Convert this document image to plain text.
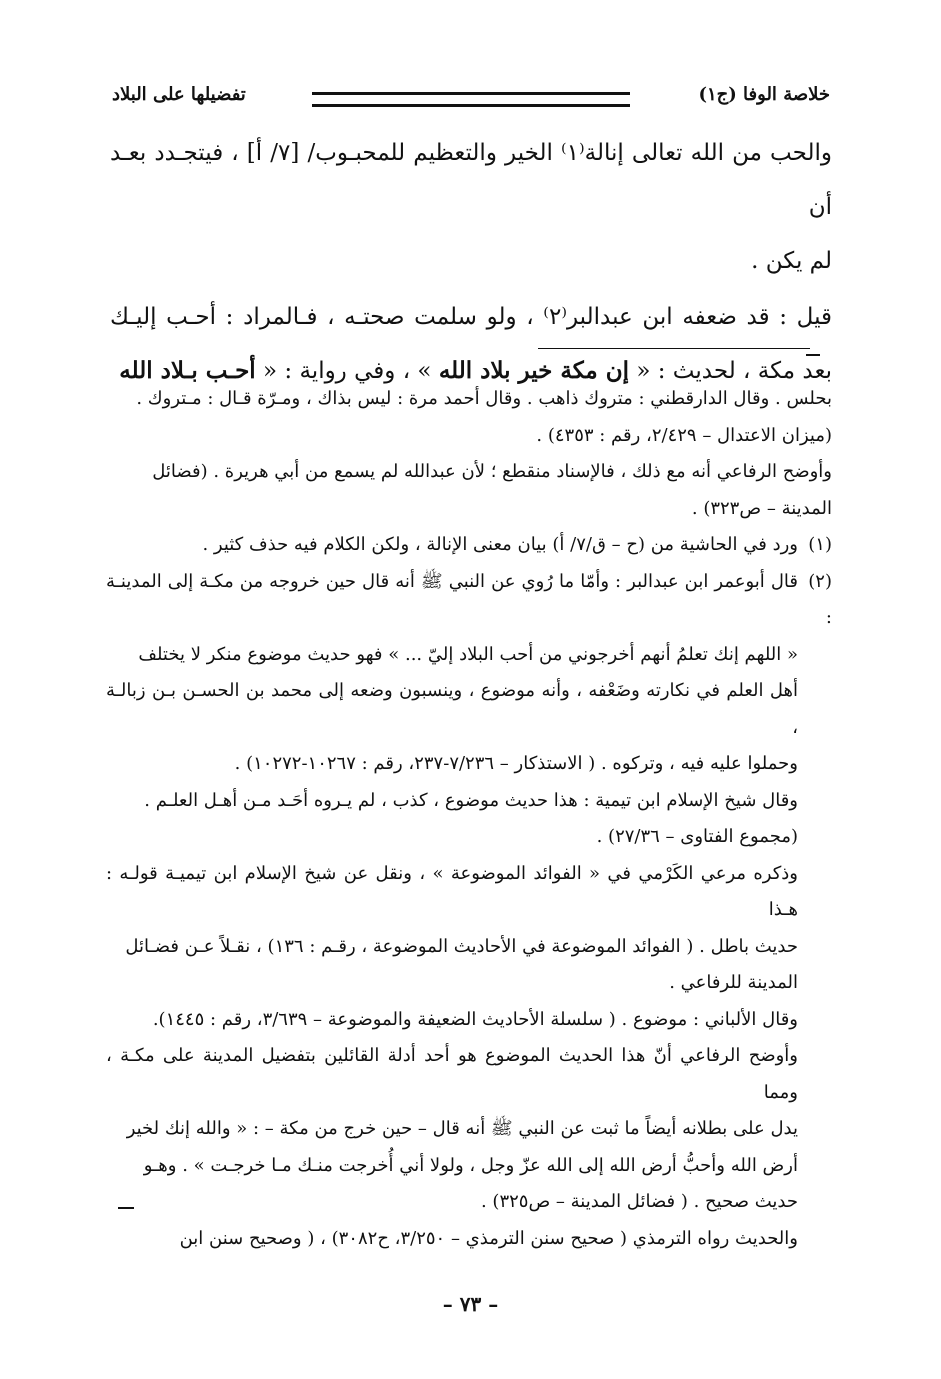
خلاصة الوفا (ج١)
تفضيلها على البلاد

والحب من الله تعالى إنالة⁽١⁾ الخير والتعظيم للمحبـوب/ [٧/ أ] ، فيتجـدد بعـد أن

لم يكن .

قيل : قد ضعفه ابن عبدالبر⁽٢⁾ ، ولو سلمت صحتـه ، فـالمراد : أحـب إليـك بعد مكة ، لحديث : « إن مكة خير بلاد الله » ، وفي رواية : « أحـب بـلاد الله

بحلس . وقال الدارقطني : متروك ذاهب . وقال أحمد مرة : ليس بذاك ، ومـرّة قـال : مـتروك .

(ميزان الاعتدال – ٢/٤٢٩، رقم : ٤٣٥٣) .

وأوضح الرفاعي أنه مع ذلك ، فالإسناد منقطع ؛ لأن عبدالله لم يسمع من أبي هريرة . (فضائل

المدينة – ص٣٢٣) .

(١)ورد في الحاشية من (ح – ق/٧/ أ) بيان معنى الإنالة ، ولكن الكلام فيه حذف كثير .

(٢)قال أبوعمر ابن عبدالبر : وأمّا ما رُوي عن النبي ﷺ أنه قال حين خروجه من مكـة إلى المدينـة :

« اللهم إنك تعلمُ أنهم أخرجوني من أحب البلاد إليّ ... » فهو حديث موضوع منكر لا يختلف

أهل العلم في نكارته وضَعْفه ، وأنه موضوع ، وينسبون وضعه إلى محمد بن الحسـن بـن زبالـة ،

وحملوا عليه فيه ، وتركوه . ( الاستذكار – ٧/٢٣٦-٢٣٧، رقم : ١٠٢٦٧-١٠٢٧٢) .

وقال شيخ الإسلام ابن تيمية : هذا حديث موضوع ، كذب ، لم يـروه أحَـد مـن أهـل العلـم .

(مجموع الفتاوى – ٢٧/٣٦) .

وذكره مرعي الكَرْمي في « الفوائد الموضوعة » ، ونقل عن شيخ الإسلام ابن تيميـة قولـه : هـذا

حديث باطل . ( الفوائد الموضوعة في الأحاديث الموضوعة ، رقـم : ١٣٦) ، نقـلاً عـن فضـائل

المدينة للرفاعي .

وقال الألباني : موضوع . ( سلسلة الأحاديث الضعيفة والموضوعة – ٣/٦٣٩، رقم : ١٤٤٥).

وأوضح الرفاعي أنّ هذا الحديث الموضوع هو أحد أدلة القائلين بتفضيل المدينة على مكـة ، ومما

يدل على بطلانه أيضاً ما ثبت عن النبي ﷺ أنه قال – حين خرج من مكة – : « والله إنك لخير

أرض الله وأحبُّ أرض الله إلى الله عزّ وجل ، ولولا أني أُخرجت منـك مـا خرجـت » . وهـو

حديث صحيح . ( فضائل المدينة – ص٣٢٥) .

والحديث رواه الترمذي ( صحيح سنن الترمذي – ٣/٢٥٠، ح٣٠٨٢) ، ( وصحيح سنن ابن

– ٧٣ –
